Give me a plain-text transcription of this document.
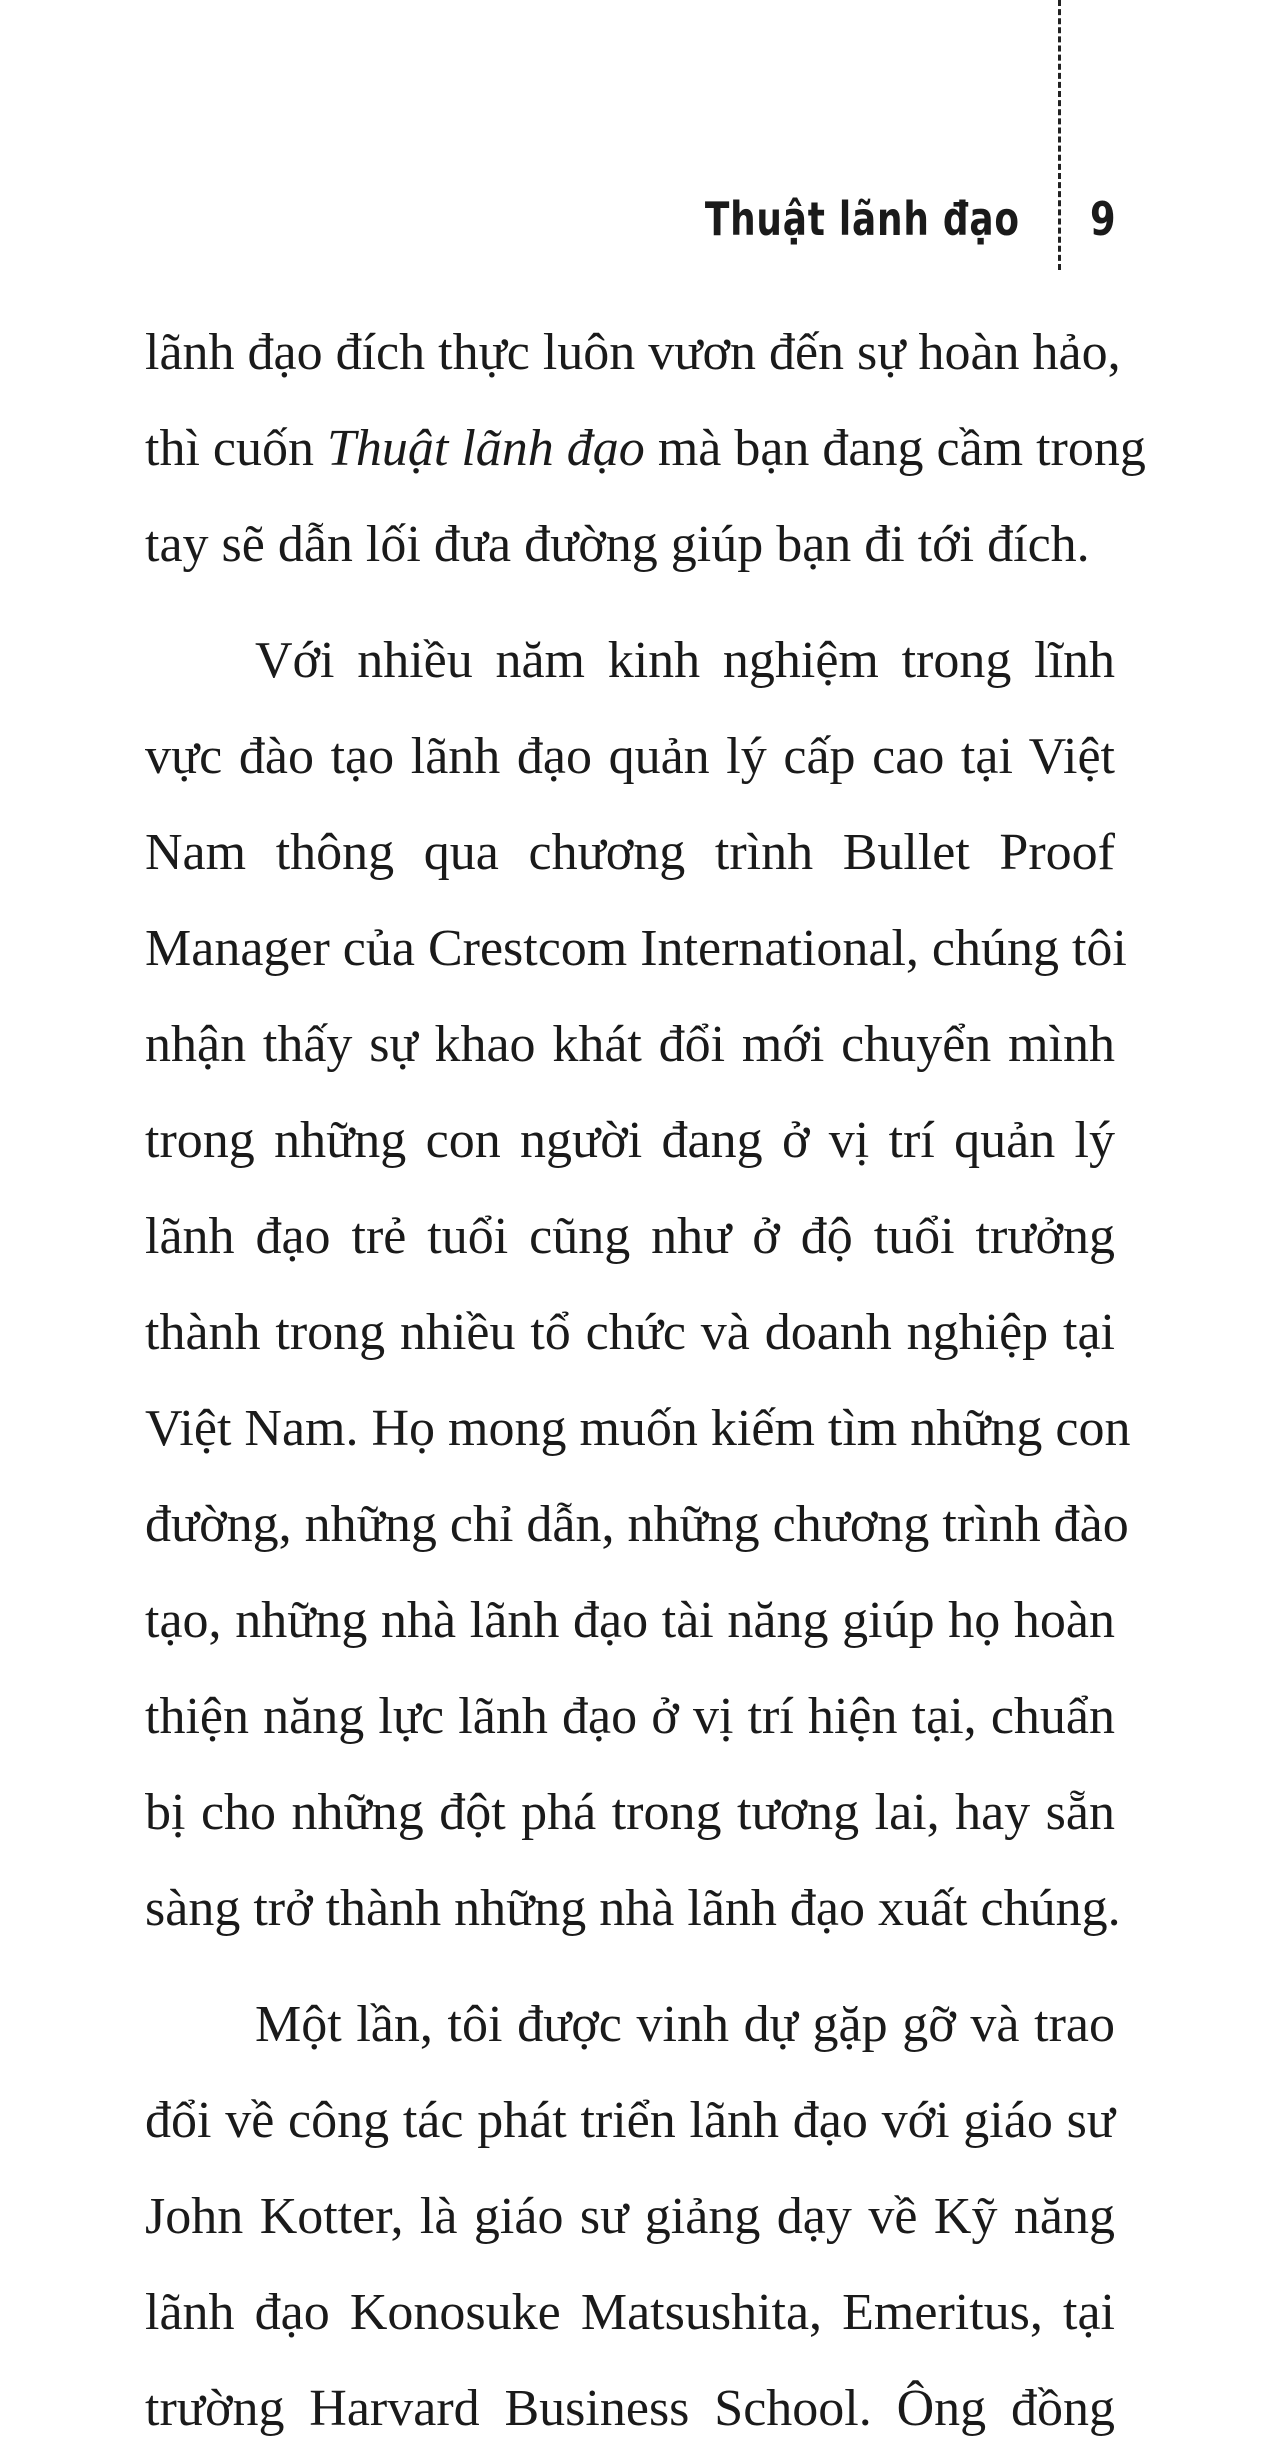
Thuật lãnh đạo 9
lãnh đạo đích thực luôn vươn đến sự hoàn hảo,
thì cuốn Thuật lãnh đạo mà bạn đang cầm trong
tay sẽ dẫn lối đưa đường giúp bạn đi tới đích.
Với nhiều năm kinh nghiệm trong lĩnh
vực đào tạo lãnh đạo quản lý cấp cao tại Việt
Nam thông qua chương trình Bullet Proof
Manager của Crestcom International, chúng tôi
nhận thấy sự khao khát đổi mới chuyển mình
trong những con người đang ở vị trí quản lý
lãnh đạo trẻ tuổi cũng như ở độ tuổi trưởng
thành trong nhiều tổ chức và doanh nghiệp tại
Việt Nam. Họ mong muốn kiếm tìm những con
đường, những chỉ dẫn, những chương trình đào
tạo, những nhà lãnh đạo tài năng giúp họ hoàn
thiện năng lực lãnh đạo ở vị trí hiện tại, chuẩn
bị cho những đột phá trong tương lai, hay sẵn
sàng trở thành những nhà lãnh đạo xuất chúng.
Một lần, tôi được vinh dự gặp gỡ và trao
đổi về công tác phát triển lãnh đạo với giáo sư
John Kotter, là giáo sư giảng dạy về Kỹ năng
lãnh đạo Konosuke Matsushita, Emeritus, tại
trường Harvard Business School. Ông đồng
